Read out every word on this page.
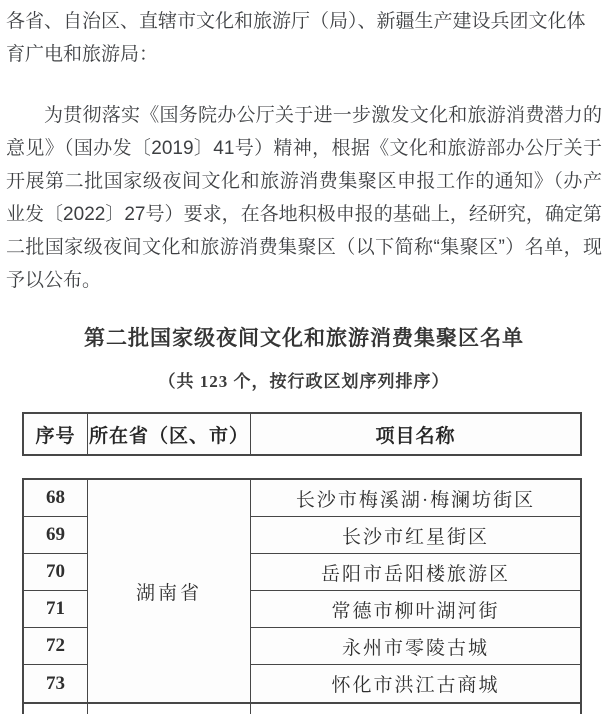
各省、自治区、直辖市文化和旅游厅（局）、新疆生产建设兵团文化体育广电和旅游局：

为贯彻落实《国务院办公厅关于进一步激发文化和旅游消费潜力的意见》（国办发〔2019〕41号）精神，根据《文化和旅游部办公厅关于开展第二批国家级夜间文化和旅游消费集聚区申报工作的通知》（办产业发〔2022〕27号）要求，在各地积极申报的基础上，经研究，确定第二批国家级夜间文化和旅游消费集聚区（以下简称“集聚区”）名单，现予以公布。

第二批国家级夜间文化和旅游消费集聚区名单
（共 123 个，按行政区划序列排序）
序号 所在省（区、市）	项目名称
68
69
70
71
72
73
湖南省
长沙市梅溪湖·梅澜坊街区
长沙市红星街区
岳阳市岳阳楼旅游区
常德市柳叶湖河街
永州市零陵古城
怀化市洪江古商城
